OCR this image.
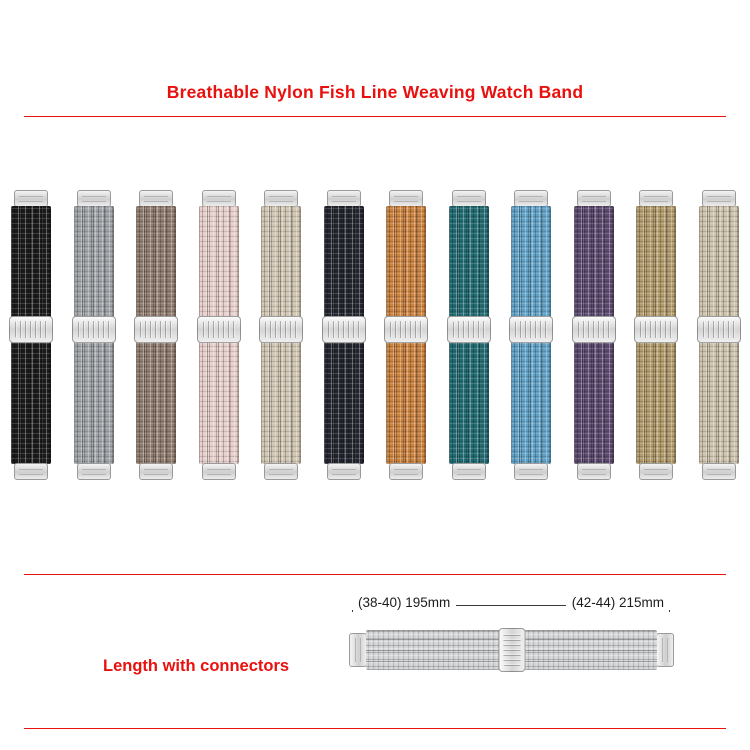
Breathable Nylon Fish Line Weaving Watch Band
Length with connectors
(38-40) 195mm	(42-44) 215mm
